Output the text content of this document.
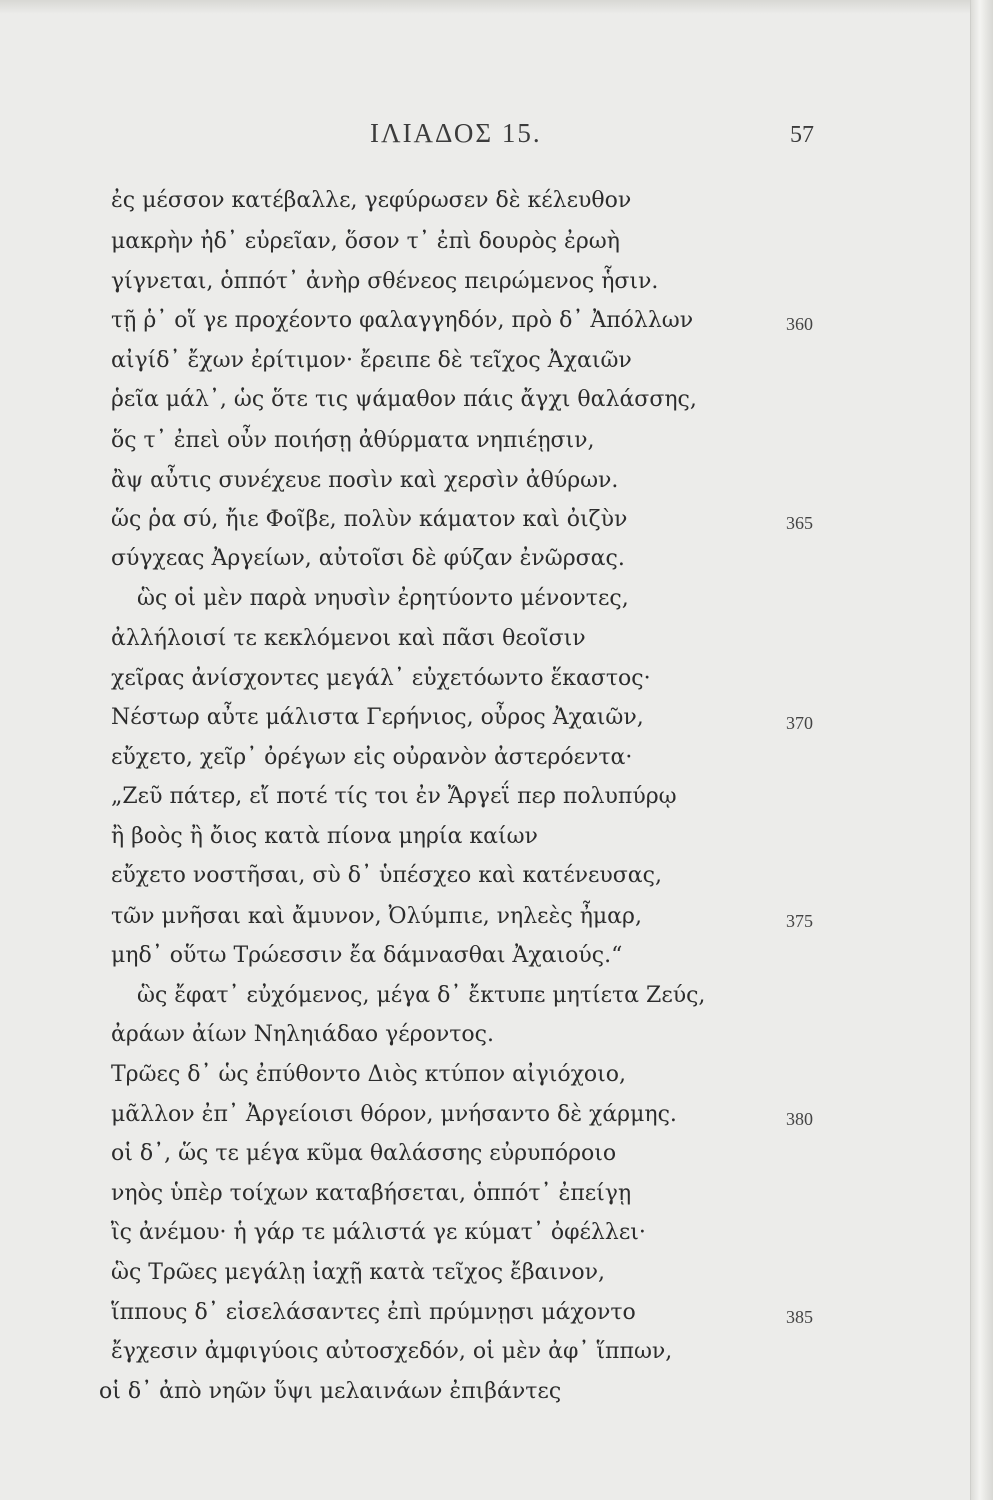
ΙΛΙΑΔΟΣ 15.	57
ἐς μέσσον κατέβαλλε, γεφύρωσεν δὲ κέλευθον
μακρὴν ἠδ᾽ εὐρεῖαν, ὅσον τ᾽ ἐπὶ δουρὸς ἐρωὴ
γίγνεται, ὁππότ᾽ ἀνὴρ σθένεος πειρώμενος ἧσιν.
τῇ ῥ᾽ οἵ γε προχέοντο φαλαγγηδόν, πρὸ δ᾽ Ἀπόλλων
αἰγίδ᾽ ἔχων ἐρίτιμον· ἔρειπε δὲ τεῖχος Ἀχαιῶν
ῥεῖα μάλ᾽, ὡς ὅτε τις ψάμαθον πάις ἄγχι θαλάσσης,
ὅς τ᾽ ἐπεὶ οὖν ποιήσῃ ἀθύρματα νηπιέῃσιν,
ἂψ αὖτις συνέχευε ποσὶν καὶ χερσὶν ἀθύρων.
ὥς ῥα σύ, ἤιε Φοῖβε, πολὺν κάματον καὶ ὀιζὺν
σύγχεας Ἀργείων, αὐτοῖσι δὲ φύζαν ἐνῶρσας.
ὣς οἱ μὲν παρὰ νηυσὶν ἐρητύοντο μένοντες,
ἀλλήλοισί τε κεκλόμενοι καὶ πᾶσι θεοῖσιν
χεῖρας ἀνίσχοντες μεγάλ᾽ εὐχετόωντο ἕκαστος·
Νέστωρ αὖτε μάλιστα Γερήνιος, οὖρος Ἀχαιῶν,
εὔχετο, χεῖρ᾽ ὀρέγων εἰς οὐρανὸν ἀστερόεντα·
„Ζεῦ πάτερ, εἴ ποτέ τίς τοι ἐν Ἄργεΐ περ πολυπύρῳ
ἢ βοὸς ἢ ὄιος κατὰ πίονα μηρία καίων
εὔχετο νοστῆσαι, σὺ δ᾽ ὑπέσχεο καὶ κατένευσας,
τῶν μνῆσαι καὶ ἄμυνον, Ὀλύμπιε, νηλεὲς ἦμαρ,
μηδ᾽ οὕτω Τρώεσσιν ἔα δάμνασθαι Ἀχαιούς.“
ὣς ἔφατ᾽ εὐχόμενος, μέγα δ᾽ ἔκτυπε μητίετα Ζεύς,
ἀράων ἀίων Νηληιάδαο γέροντος.
Τρῶες δ᾽ ὡς ἐπύθοντο Διὸς κτύπον αἰγιόχοιο,
μᾶλλον ἐπ᾽ Ἀργείοισι θόρον, μνήσαντο δὲ χάρμης.
οἱ δ᾽, ὥς τε μέγα κῦμα θαλάσσης εὐρυπόροιο
νηὸς ὑπὲρ τοίχων καταβήσεται, ὁππότ᾽ ἐπείγῃ
ἲς ἀνέμου· ἡ γάρ τε μάλιστά γε κύματ᾽ ὀφέλλει·
ὣς Τρῶες μεγάλῃ ἰαχῇ κατὰ τεῖχος ἔβαινον,
ἵππους δ᾽ εἰσελάσαντες ἐπὶ πρύμνῃσι μάχοντο
ἔγχεσιν ἀμφιγύοις αὐτοσχεδόν, οἱ μὲν ἀφ᾽ ἵππων,
οἱ δ᾽ ἀπὸ νηῶν ὕψι μελαινάων ἐπιβάντες
360
365
370
375
380
385
